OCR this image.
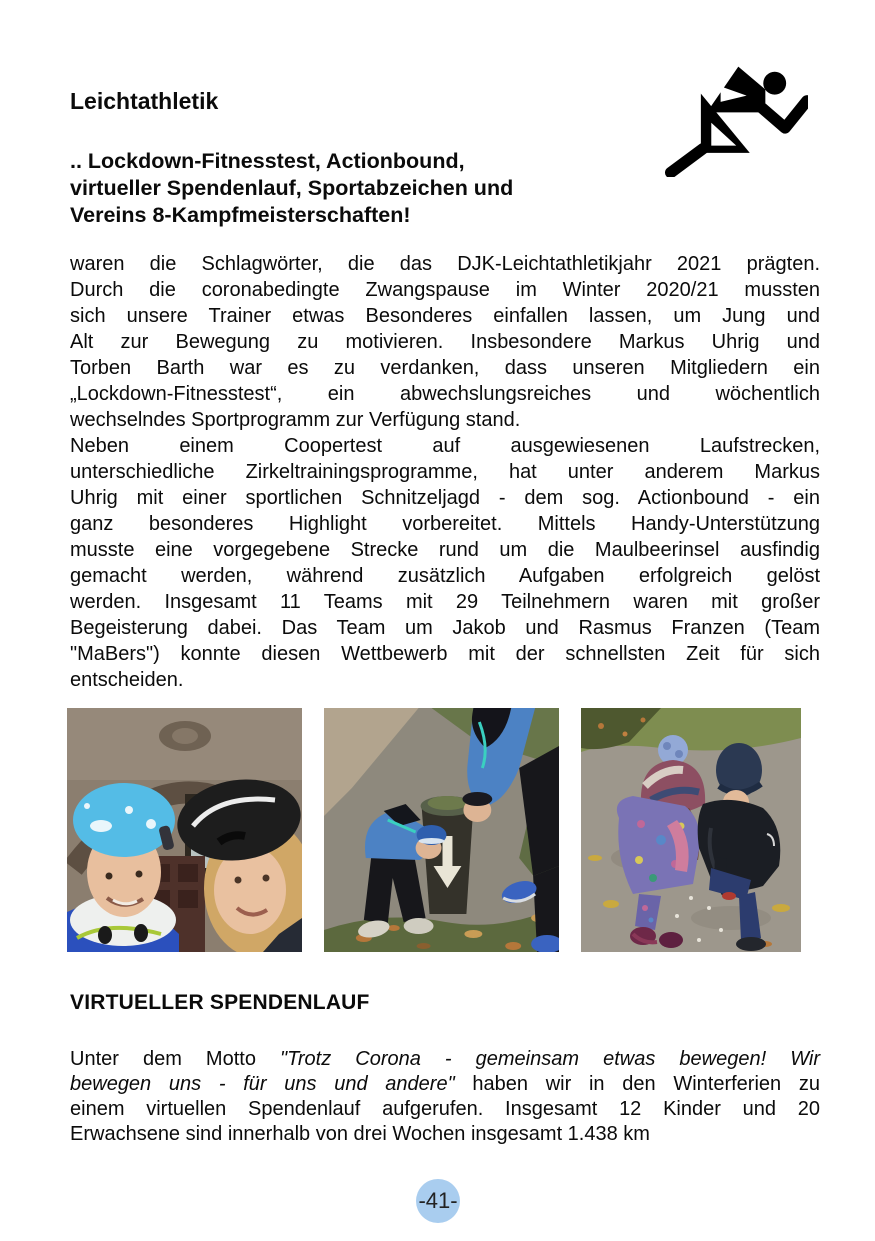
Leichtathletik
.. Lockdown-Fitnesstest, Actionbound,
virtueller Spendenlauf, Sportabzeichen und
Vereins 8-Kampfmeisterschaften!
waren die Schlagwörter, die das DJK-Leichtathletikjahr 2021 prägten.
Durch die coronabedingte Zwangspause im Winter 2020/21 mussten
sich unsere Trainer etwas Besonderes einfallen lassen, um Jung und
Alt zur Bewegung zu motivieren. Insbesondere Markus Uhrig und
Torben Barth war es zu verdanken, dass unseren Mitgliedern ein
„Lockdown-Fitnesstest“, ein abwechslungsreiches und wöchentlich
wechselndes Sportprogramm zur Verfügung stand.
Neben einem Coopertest auf ausgewiesenen Laufstrecken,
unterschiedliche Zirkeltrainingsprogramme, hat unter anderem Markus
Uhrig mit einer sportlichen Schnitzeljagd - dem sog. Actionbound - ein
ganz besonderes Highlight vorbereitet. Mittels Handy-Unterstützung
musste eine vorgegebene Strecke rund um die Maulbeerinsel ausfindig
gemacht werden, während zusätzlich Aufgaben erfolgreich gelöst
werden. Insgesamt 11 Teams mit 29 Teilnehmern waren mit großer
Begeisterung dabei. Das Team um Jakob und Rasmus Franzen (Team
"MaBers") konnte diesen Wettbewerb mit der schnellsten Zeit für sich
entscheiden.
VIRTUELLER SPENDENLAUF
Unter dem Motto "Trotz Corona - gemeinsam etwas bewegen! Wir
bewegen uns - für uns und andere" haben wir in den Winterferien zu
einem virtuellen Spendenlauf aufgerufen. Insgesamt 12 Kinder und 20
Erwachsene sind innerhalb von drei Wochen insgesamt 1.438 km
-41-
